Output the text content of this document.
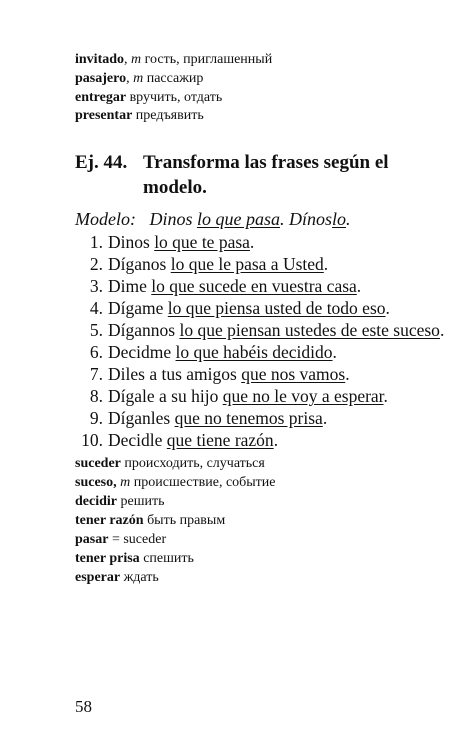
invitado, m гость, приглашенный
pasajero, m пассажир
entregar вручить, отдать
presentar предъявить
Ej. 44. Transforma las frases según el
modelo.
Modelo: Dinos lo que pasa. Dínoslo.
1. Dinos lo que te pasa.
2. Díganos lo que le pasa a Usted.
3. Dime lo que sucede en vuestra casa.
4. Dígame lo que piensa usted de todo eso.
5. Dígannos lo que piensan ustedes de este suceso.
6. Decidme lo que habéis decidido.
7. Diles a tus amigos que nos vamos.
8. Dígale a su hijo que no le voy a esperar.
9. Díganles que no tenemos prisa.
10. Decidle que tiene razón.
suceder происходить, случаться
suceso, m происшествие, событие
decidir решить
tener razón быть правым
pasar = suceder
tener prisa спешить
esperar ждать
58
